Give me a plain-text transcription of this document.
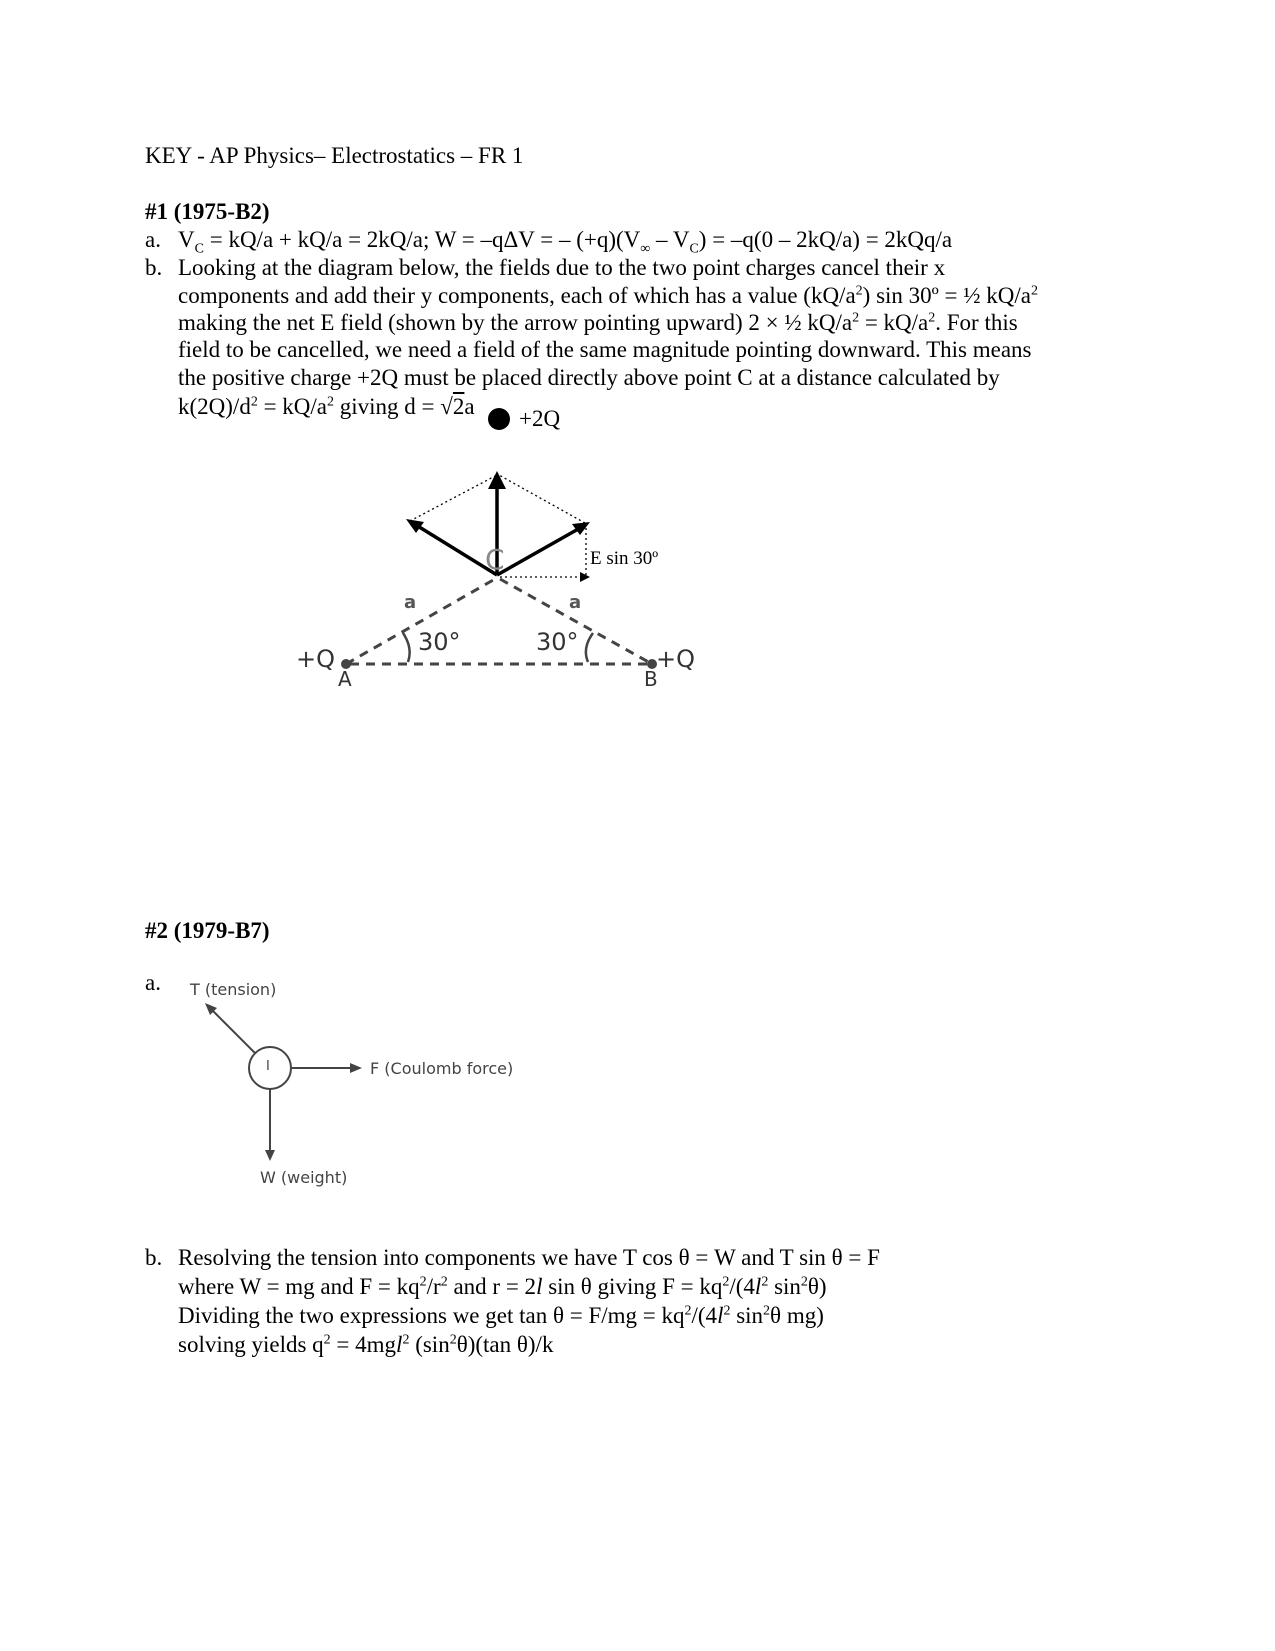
KEY - AP Physics– Electrostatics – FR 1
#1 (1975-B2)
a. $V_C = kQ/a + kQ/a = 2kQ/a$; W = –qΔV = – $(+q)(V_\infty - V_C) = -q(0 - 2kQ/a) = 2kQq/a$
b. Looking at the diagram below, the fields due to the two point charges cancel their x
components and add their y components, each of which has a value $(kQ/a^2)$ sin 30º = ½ $kQ/a^2$
making the net E field (shown by the arrow pointing upward) 2 × ½ $kQ/a^2 = kQ/a^2$. For this
field to be cancelled, we need a field of the same magnitude pointing downward. This means
the positive charge +2Q must be placed directly above point C at a distance calculated by
$k(2Q)/d^2 = kQ/a^2$ giving d = √2a +2Q
E sin 30º
C
a	a
30°	30°
+Q	+Q
A	B
#2 (1979-B7)
a. T (tension)
I	F (Coulomb force)
W (weight)
b. Resolving the tension into components we have T cos θ = W and T sin θ = F
where W = mg and $F = kq^2/r^2$ and r = 2l sin θ giving $F = kq^2/(4l^2$ $\sin^2\theta$)
Dividing the two expressions we get $\tan \theta = F/mg = kq^2/(4l^2$ $\sin^2\theta$ mg)
solving yields $q^2 = 4mgl^2$ $(\sin^2\theta)(\tan$ θ)/k
